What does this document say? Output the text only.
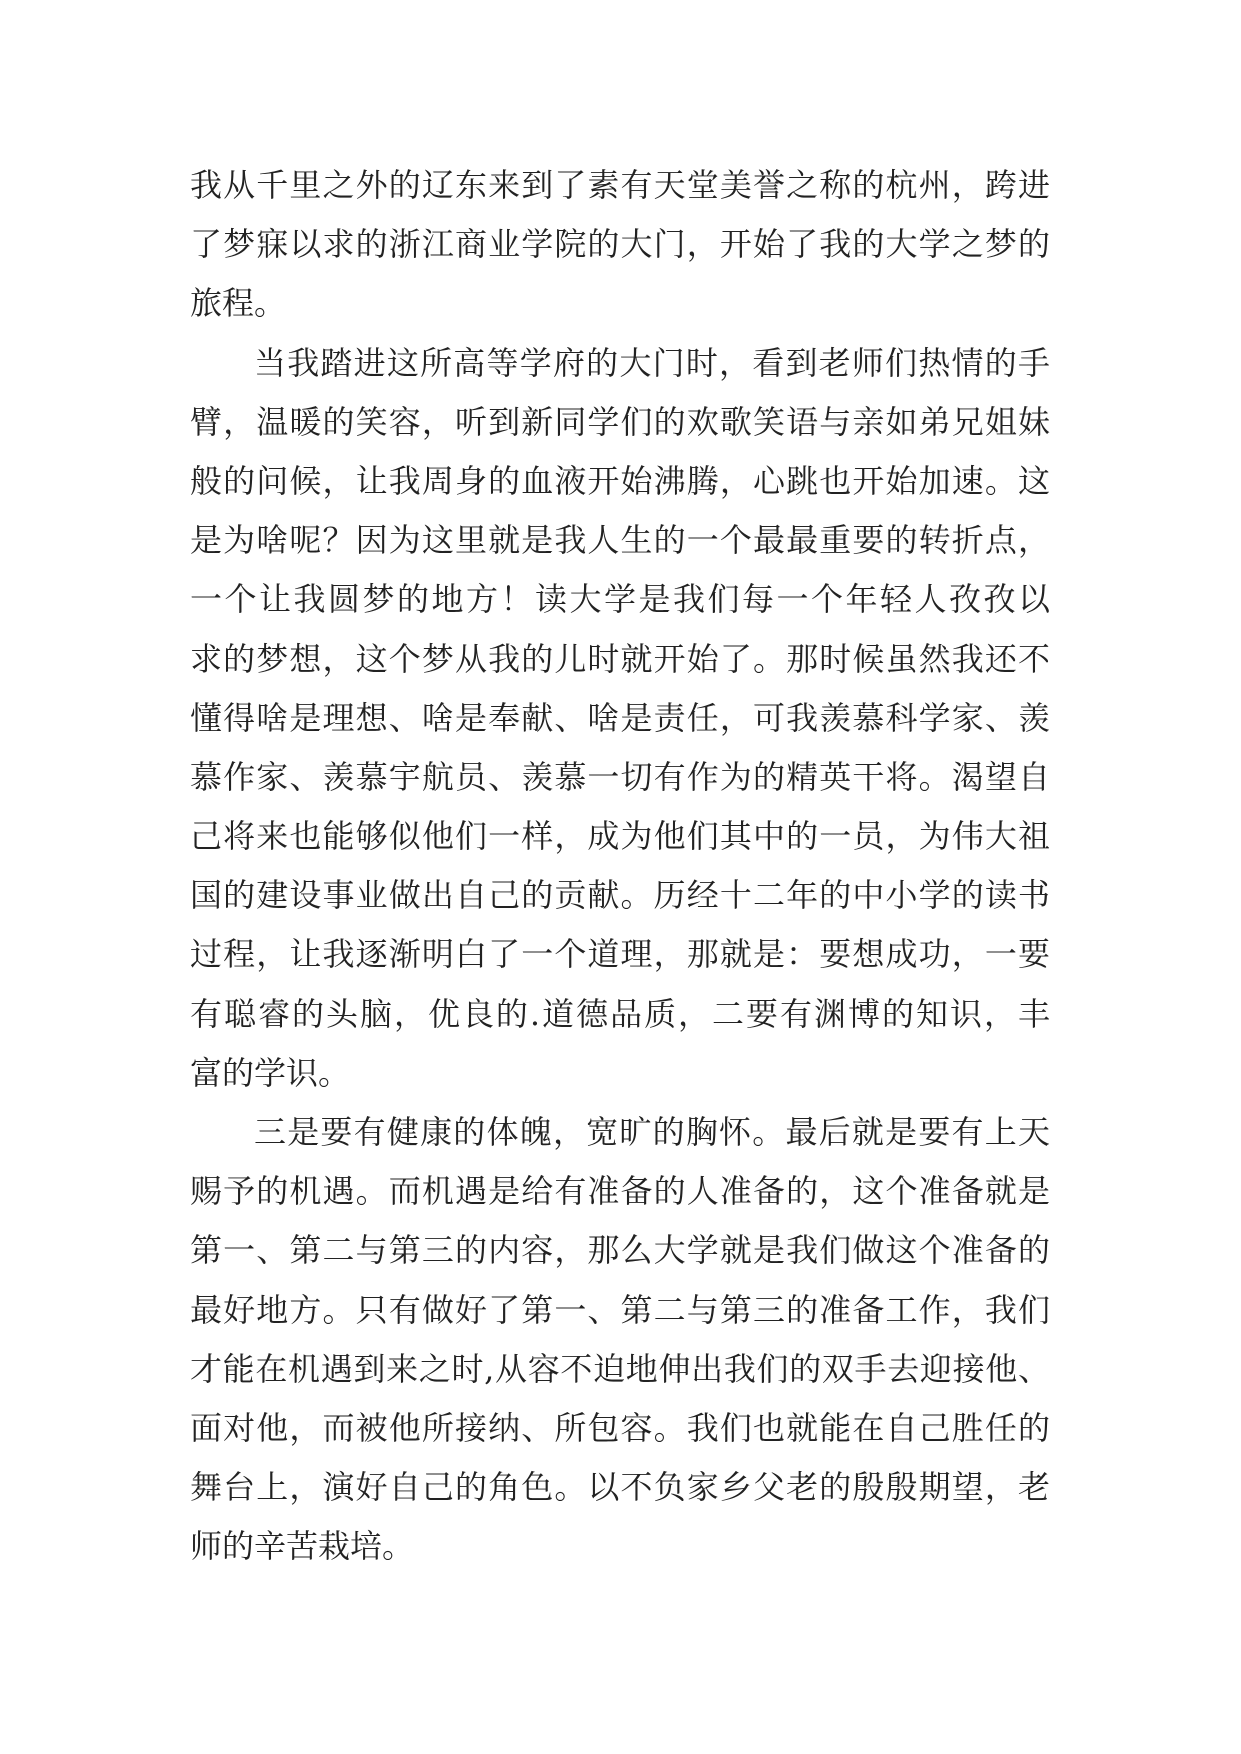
我从千里之外的辽东来到了素有天堂美誉之称的杭州，跨进
了梦寐以求的浙江商业学院的大门，开始了我的大学之梦的
旅程。
当我踏进这所高等学府的大门时，看到老师们热情的手
臂，温暖的笑容，听到新同学们的欢歌笑语与亲如弟兄姐妹
般的问候，让我周身的血液开始沸腾，心跳也开始加速。这
是为啥呢？因为这里就是我人生的一个最最重要的转折点，
一个让我圆梦的地方！读大学是我们每一个年轻人孜孜以
求的梦想，这个梦从我的儿时就开始了。那时候虽然我还不
懂得啥是理想、啥是奉献、啥是责任，可我羡慕科学家、羡
慕作家、羡慕宇航员、羡慕一切有作为的精英干将。渴望自
己将来也能够似他们一样，成为他们其中的一员，为伟大祖
国的建设事业做出自己的贡献。历经十二年的中小学的读书
过程，让我逐渐明白了一个道理，那就是：要想成功，一要
有聪睿的头脑，优良的.道德品质，二要有渊博的知识，丰
富的学识。
三是要有健康的体魄，宽旷的胸怀。最后就是要有上天
赐予的机遇。而机遇是给有准备的人准备的，这个准备就是
第一、第二与第三的内容，那么大学就是我们做这个准备的
最好地方。只有做好了第一、第二与第三的准备工作，我们
才能在机遇到来之时,从容不迫地伸出我们的双手去迎接他、
面对他，而被他所接纳、所包容。我们也就能在自己胜任的
舞台上，演好自己的角色。以不负家乡父老的殷殷期望，老
师的辛苦栽培。
